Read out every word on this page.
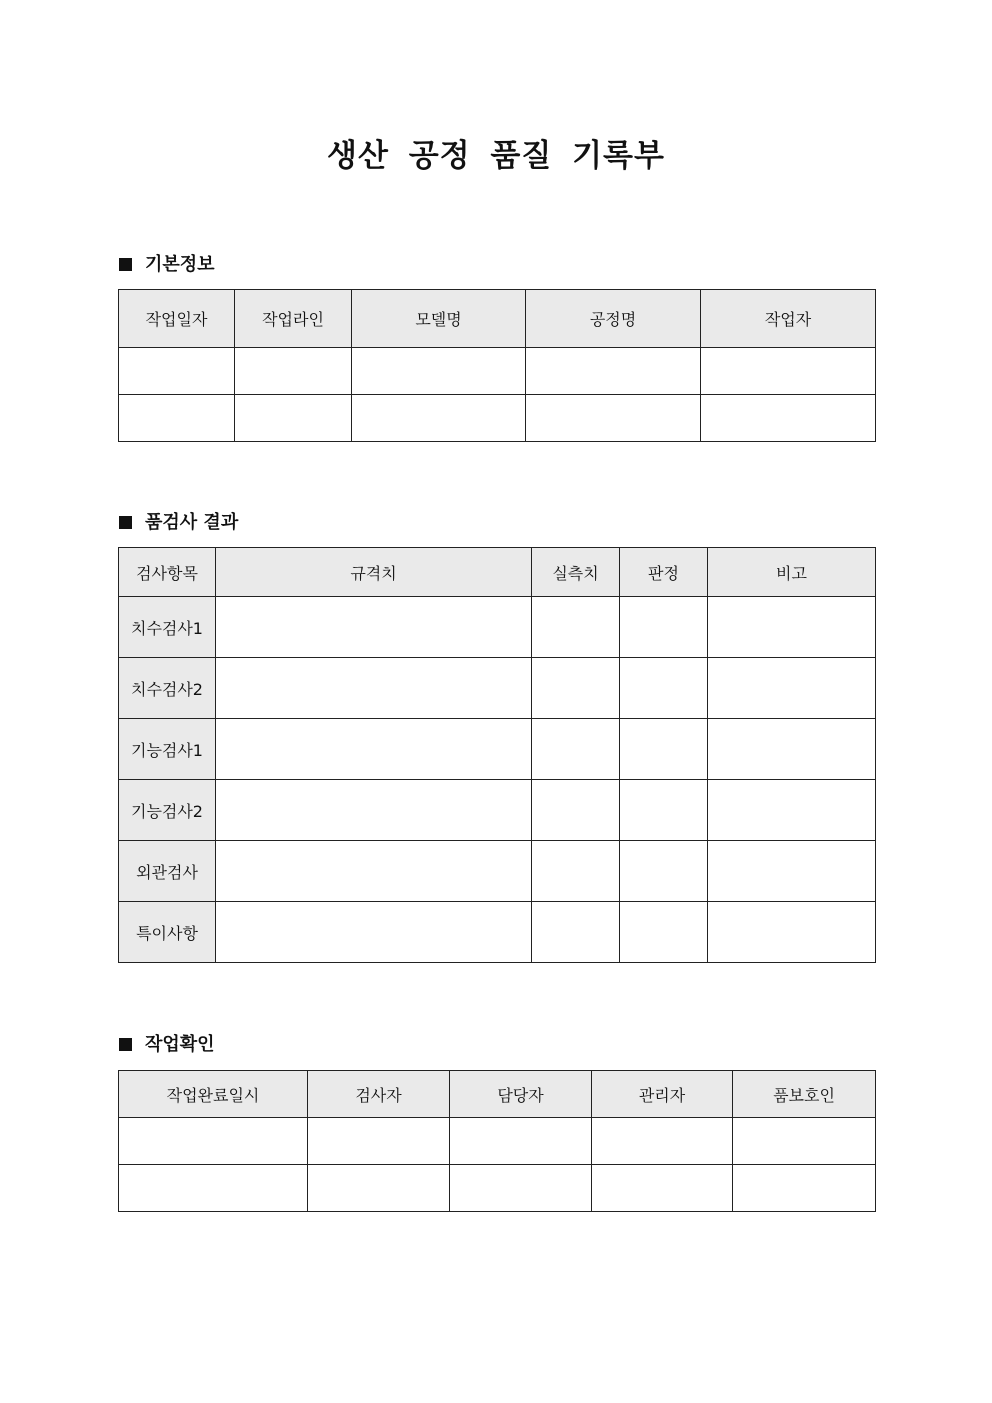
생산 공정 품질 기록부
기본정보
작업일자	작업라인	모델명	공정명	작업자

품검사 결과
검사항목	규격치	실측치	판정	비고
치수검사1				
치수검사2				
기능검사1				
기능검사2				
외관검사				
특이사항				
작업확인
작업완료일시	검사자	담당자	관리자	품보호인
